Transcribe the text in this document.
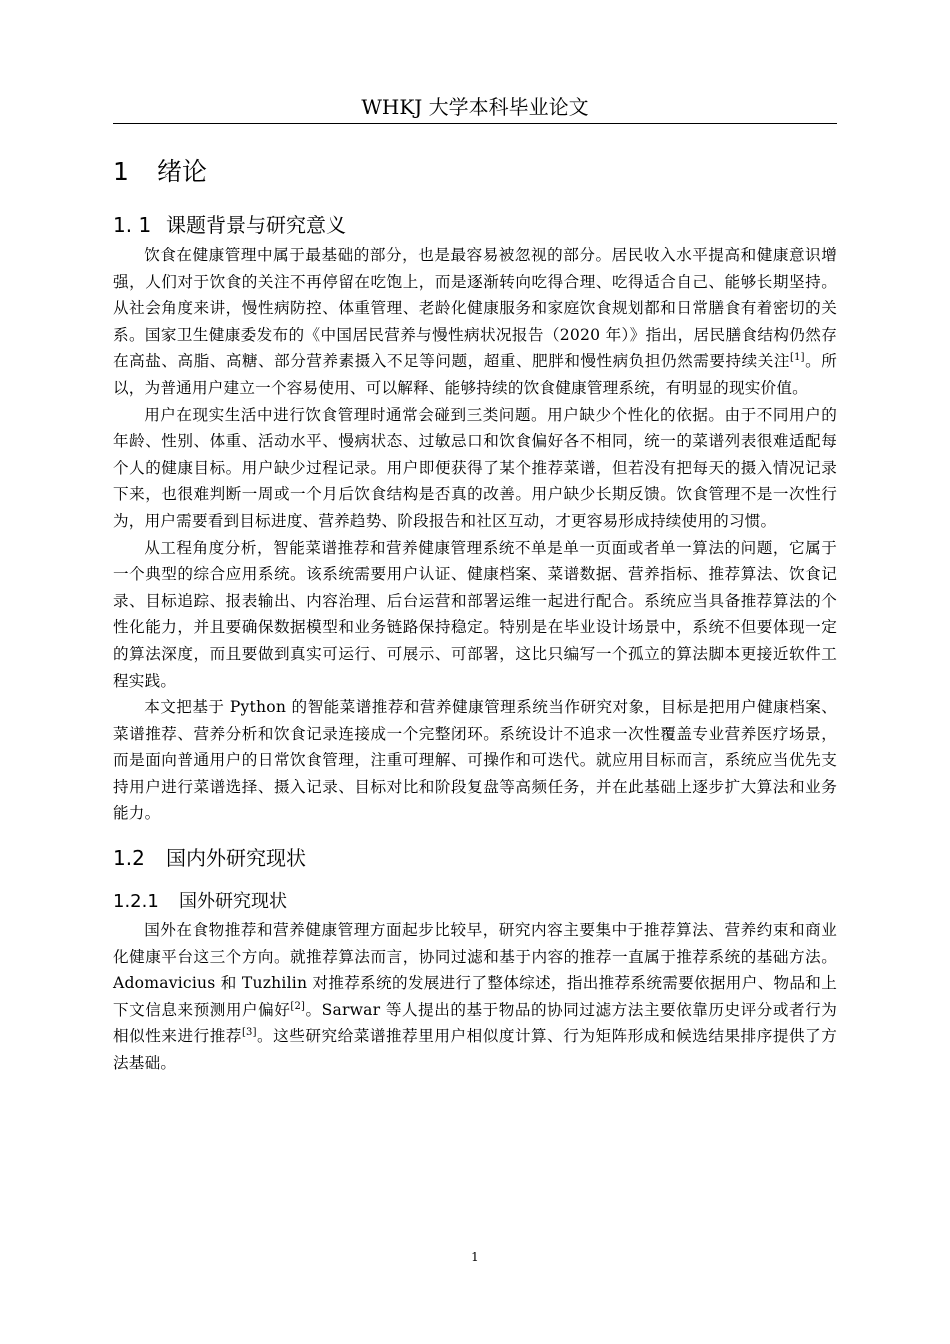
WHKJ 大学本科毕业论文
1 绪论
1. 1 课题背景与研究意义

饮食在健康管理中属于最基础的部分，也是最容易被忽视的部分。居民收入水平提高和健康意识增强，人们对于饮食的关注不再停留在吃饱上，而是逐渐转向吃得合理、吃得适合自己、能够长期坚持。从社会角度来讲，慢性病防控、体重管理、老龄化健康服务和家庭饮食规划都和日常膳食有着密切的关系。国家卫生健康委发布的《中国居民营养与慢性病状况报告（2020 年）》指出，居民膳食结构仍然存在高盐、高脂、高糖、部分营养素摄入不足等问题，超重、肥胖和慢性病负担仍然需要持续关注[1]。所以，为普通用户建立一个容易使用、可以解释、能够持续的饮食健康管理系统，有明显的现实价值。

用户在现实生活中进行饮食管理时通常会碰到三类问题。用户缺少个性化的依据。由于不同用户的年龄、性别、体重、活动水平、慢病状态、过敏忌口和饮食偏好各不相同，统一的菜谱列表很难适配每个人的健康目标。用户缺少过程记录。用户即便获得了某个推荐菜谱，但若没有把每天的摄入情况记录下来，也很难判断一周或一个月后饮食结构是否真的改善。用户缺少长期反馈。饮食管理不是一次性行为，用户需要看到目标进度、营养趋势、阶段报告和社区互动，才更容易形成持续使用的习惯。

从工程角度分析，智能菜谱推荐和营养健康管理系统不单是单一页面或者单一算法的问题，它属于一个典型的综合应用系统。该系统需要用户认证、健康档案、菜谱数据、营养指标、推荐算法、饮食记录、目标追踪、报表输出、内容治理、后台运营和部署运维一起进行配合。系统应当具备推荐算法的个性化能力，并且要确保数据模型和业务链路保持稳定。特别是在毕业设计场景中，系统不但要体现一定的算法深度，而且要做到真实可运行、可展示、可部署，这比只编写一个孤立的算法脚本更接近软件工程实践。

本文把基于 Python 的智能菜谱推荐和营养健康管理系统当作研究对象，目标是把用户健康档案、菜谱推荐、营养分析和饮食记录连接成一个完整闭环。系统设计不追求一次性覆盖专业营养医疗场景，而是面向普通用户的日常饮食管理，注重可理解、可操作和可迭代。就应用目标而言，系统应当优先支持用户进行菜谱选择、摄入记录、目标对比和阶段复盘等高频任务，并在此基础上逐步扩大算法和业务能力。

1.2 国内外研究现状
1.2.1 国外研究现状

国外在食物推荐和营养健康管理方面起步比较早，研究内容主要集中于推荐算法、营养约束和商业化健康平台这三个方向。就推荐算法而言，协同过滤和基于内容的推荐一直属于推荐系统的基础方法。Adomavicius 和 Tuzhilin 对推荐系统的发展进行了整体综述，指出推荐系统需要依据用户、物品和上下文信息来预测用户偏好[2]。Sarwar 等人提出的基于物品的协同过滤方法主要依靠历史评分或者行为相似性来进行推荐[3]。这些研究给菜谱推荐里用户相似度计算、行为矩阵形成和候选结果排序提供了方法基础。

1
